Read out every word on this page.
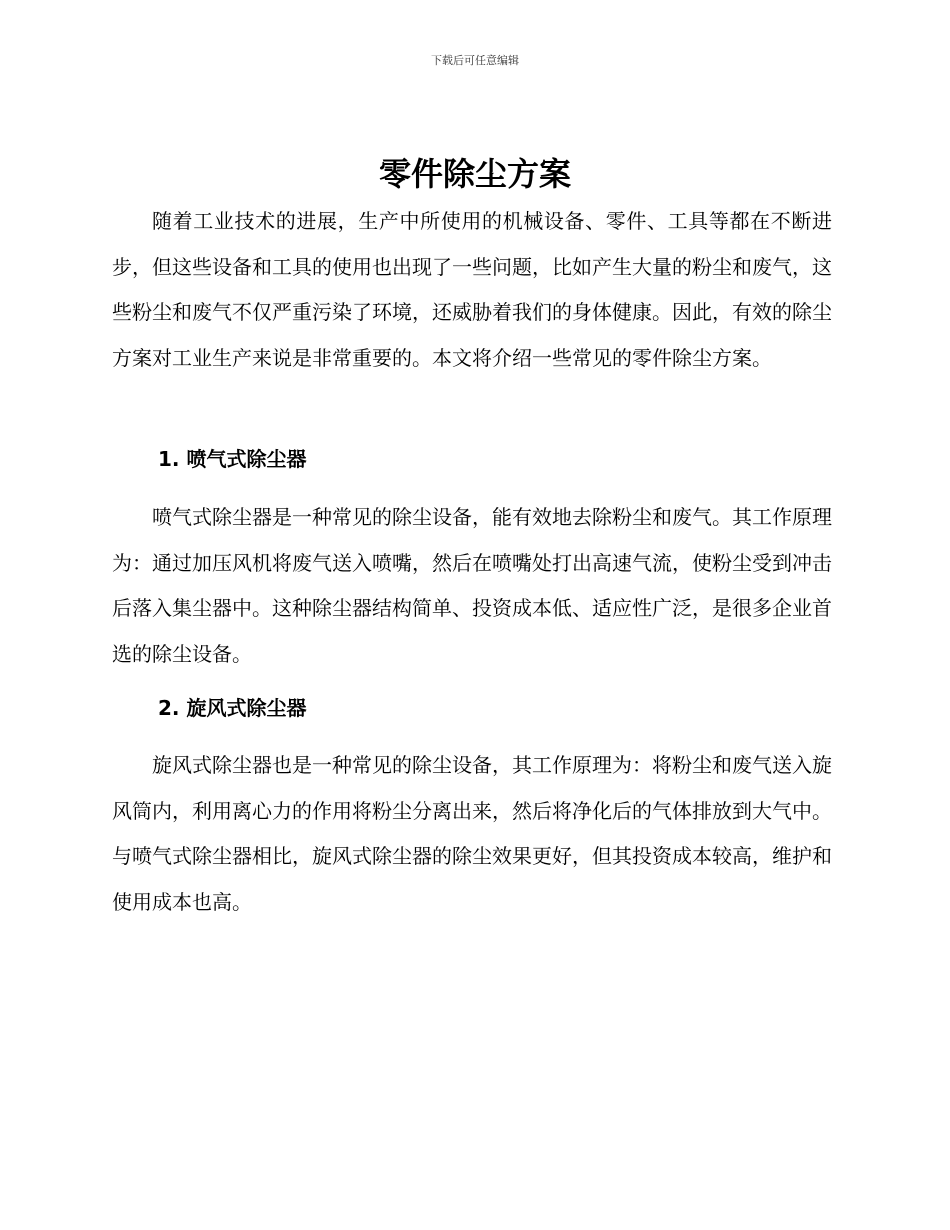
下载后可任意编辑
零件除尘方案

随着工业技术的进展，生产中所使用的机械设备、零件、工具等都在不断进步，但这些设备和工具的使用也出现了一些问题，比如产生大量的粉尘和废气，这些粉尘和废气不仅严重污染了环境，还威胁着我们的身体健康。因此，有效的除尘方案对工业生产来说是非常重要的。本文将介绍一些常见的零件除尘方案。

1. 喷气式除尘器

喷气式除尘器是一种常见的除尘设备，能有效地去除粉尘和废气。其工作原理为：通过加压风机将废气送入喷嘴，然后在喷嘴处打出高速气流，使粉尘受到冲击后落入集尘器中。这种除尘器结构简单、投资成本低、适应性广泛，是很多企业首选的除尘设备。

2. 旋风式除尘器

旋风式除尘器也是一种常见的除尘设备，其工作原理为：将粉尘和废气送入旋风筒内，利用离心力的作用将粉尘分离出来，然后将净化后的气体排放到大气中。与喷气式除尘器相比，旋风式除尘器的除尘效果更好，但其投资成本较高，维护和使用成本也高。
